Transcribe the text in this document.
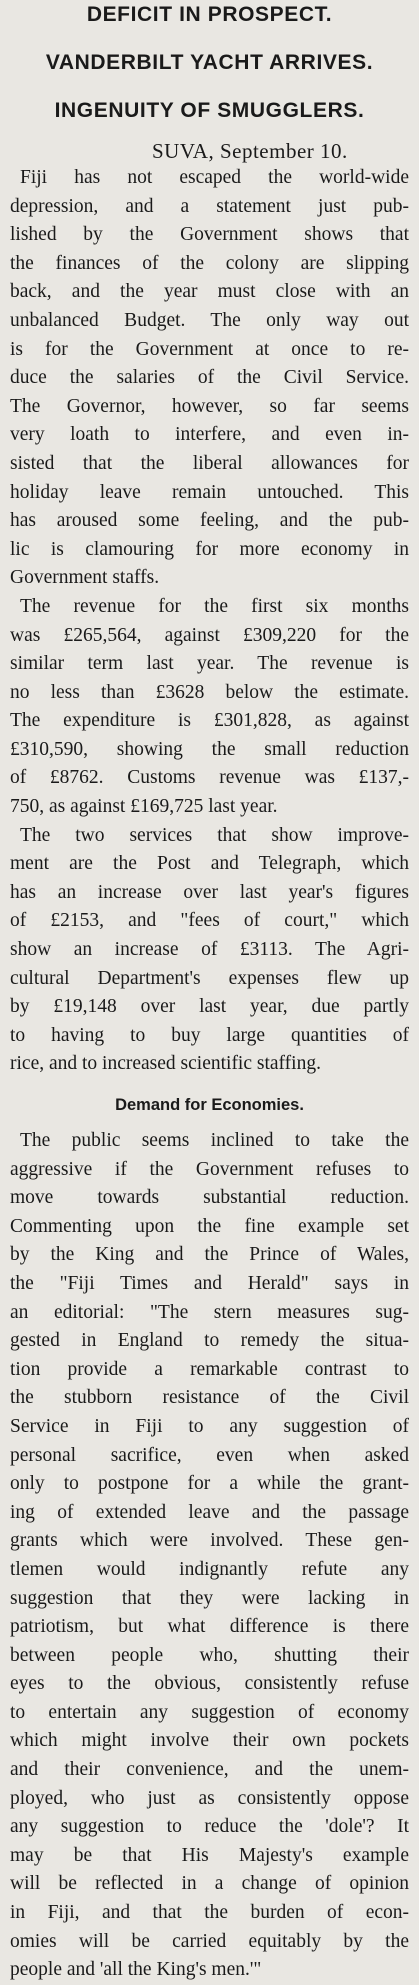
DEFICIT IN PROSPECT.
VANDERBILT YACHT ARRIVES.
INGENUITY OF SMUGGLERS.
SUVA, September 10.
Fiji has not escaped the world-wide
depression, and a statement just pub-
lished by the Government shows that
the finances of the colony are slipping
back, and the year must close with an
unbalanced Budget. The only way out
is for the Government at once to re-
duce the salaries of the Civil Service.
The Governor, however, so far seems
very loath to interfere, and even in-
sisted that the liberal allowances for
holiday leave remain untouched. This
has aroused some feeling, and the pub-
lic is clamouring for more economy in
Government staffs.
The revenue for the first six months
was £265,564, against £309,220 for the
similar term last year. The revenue is
no less than £3628 below the estimate.
The expenditure is £301,828, as against
£310,590, showing the small reduction
of £8762. Customs revenue was £137,-
750, as against £169,725 last year.
The two services that show improve-
ment are the Post and Telegraph, which
has an increase over last year's figures
of £2153, and "fees of court," which
show an increase of £3113. The Agri-
cultural Department's expenses flew up
by £19,148 over last year, due partly
to having to buy large quantities of
rice, and to increased scientific staffing.
Demand for Economies.
The public seems inclined to take the
aggressive if the Government refuses to
move towards substantial reduction.
Commenting upon the fine example set
by the King and the Prince of Wales,
the "Fiji Times and Herald" says in
an editorial: "The stern measures sug-
gested in England to remedy the situa-
tion provide a remarkable contrast to
the stubborn resistance of the Civil
Service in Fiji to any suggestion of
personal sacrifice, even when asked
only to postpone for a while the grant-
ing of extended leave and the passage
grants which were involved. These gen-
tlemen would indignantly refute any
suggestion that they were lacking in
patriotism, but what difference is there
between people who, shutting their
eyes to the obvious, consistently refuse
to entertain any suggestion of economy
which might involve their own pockets
and their convenience, and the unem-
ployed, who just as consistently oppose
any suggestion to reduce the 'dole'? It
may be that His Majesty's example
will be reflected in a change of opinion
in Fiji, and that the burden of econ-
omies will be carried equitably by the
people and 'all the King's men.'"
